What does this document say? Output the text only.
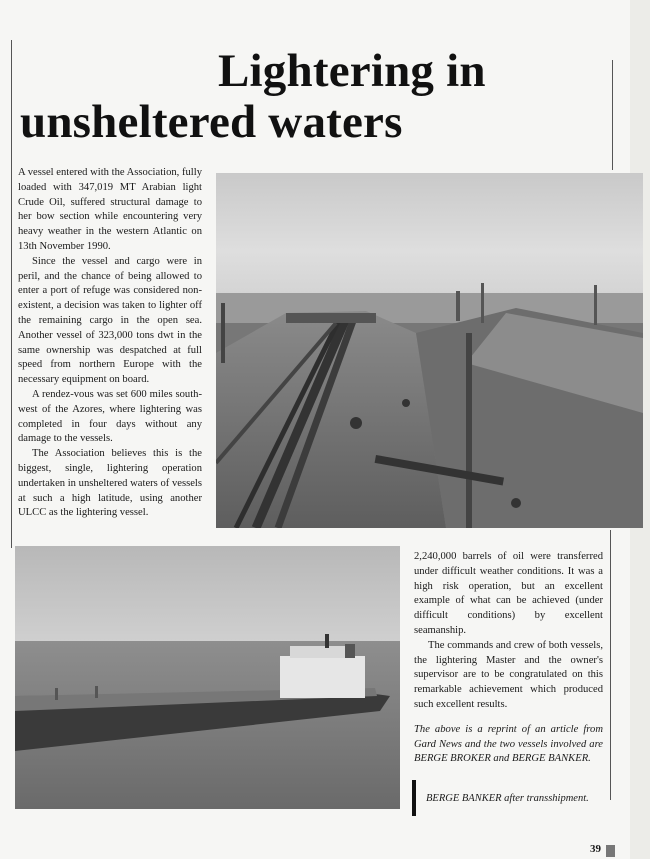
Lightering in
unsheltered waters

A vessel entered with the Association, fully loaded with 347,019 MT Arabian light Crude Oil, suffered structural damage to her bow section while encountering very heavy weather in the western Atlantic on 13th November 1990.

Since the vessel and cargo were in peril, and the chance of being allowed to enter a port of refuge was considered non-existent, a decision was taken to lighter off the remaining cargo in the open sea. Another vessel of 323,000 tons dwt in the same ownership was despatched at full speed from northern Europe with the necessary equipment on board.

A rendez-vous was set 600 miles south-west of the Azores, where lightering was completed in four days without any damage to the vessels.

The Association believes this is the biggest, single, lightering operation undertaken in unsheltered waters of vessels at such a high latitude, using another ULCC as the lightering vessel.

2,240,000 barrels of oil were transferred under difficult weather conditions. It was a high risk operation, but an excellent example of what can be achieved (under difficult conditions) by excellent seamanship.

The commands and crew of both vessels, the lightering Master and the owner's supervisor are to be congratulated on this remarkable achievement which produced such excellent results.

The above is a reprint of an article from Gard News and the two vessels involved are BERGE BROKER and BERGE BANKER.

BERGE BANKER after transshipment.
39
